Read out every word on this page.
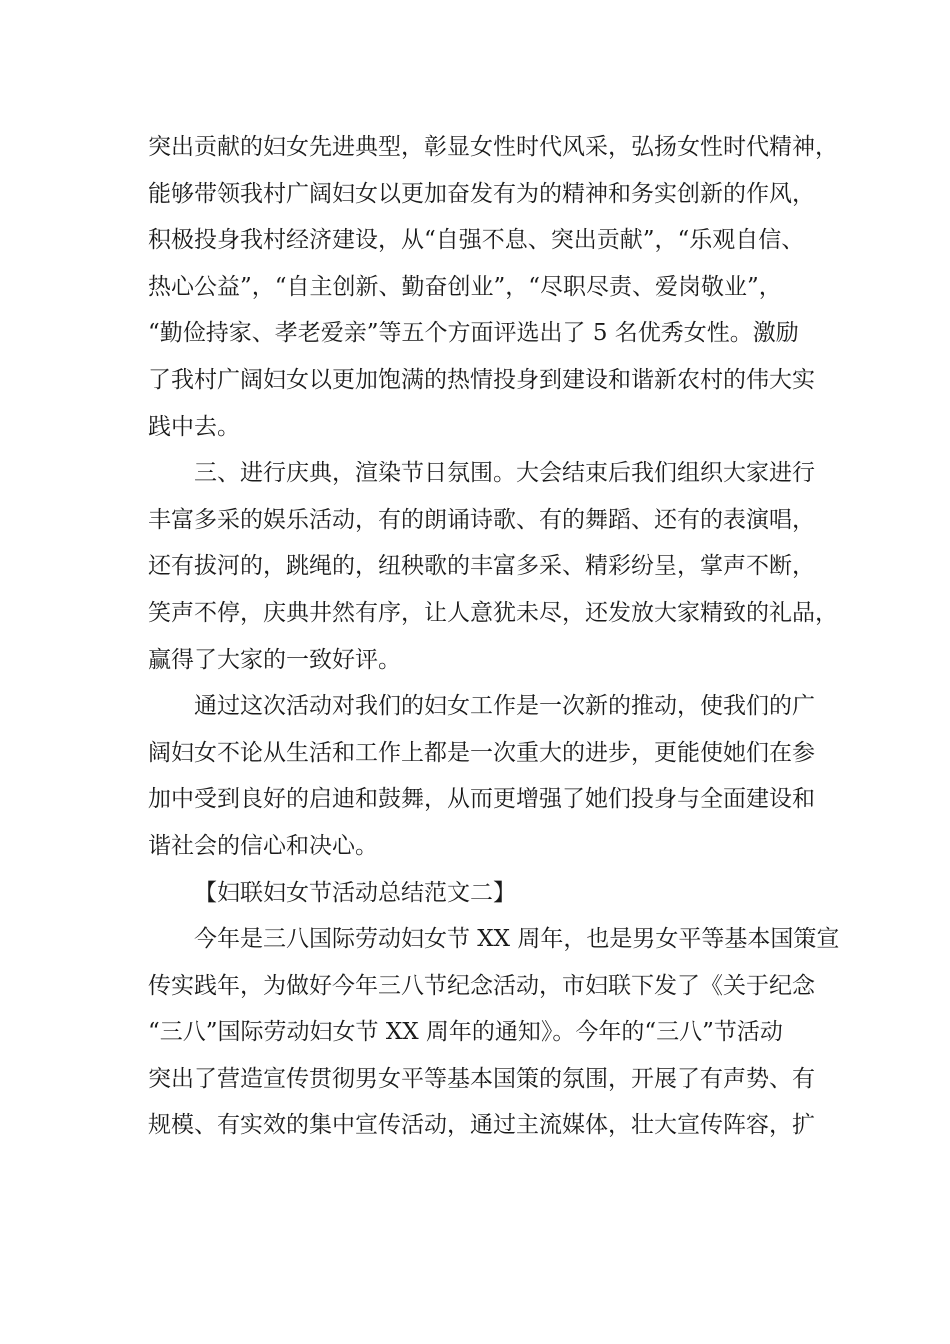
突出贡献的妇女先进典型，彰显女性时代风采，弘扬女性时代精神，
能够带领我村广阔妇女以更加奋发有为的精神和务实创新的作风，
积极投身我村经济建设，从“自强不息、突出贡献”，“乐观自信、
热心公益”，“自主创新、勤奋创业”，“尽职尽责、爱岗敬业”，
“勤俭持家、孝老爱亲”等五个方面评选出了 5 名优秀女性。激励
了我村广阔妇女以更加饱满的热情投身到建设和谐新农村的伟大实
践中去。
三、进行庆典，渲染节日氛围。大会结束后我们组织大家进行
丰富多采的娱乐活动，有的朗诵诗歌、有的舞蹈、还有的表演唱，
还有拔河的，跳绳的，纽秧歌的丰富多采、精彩纷呈，掌声不断，
笑声不停，庆典井然有序，让人意犹未尽，还发放大家精致的礼品，
赢得了大家的一致好评。
通过这次活动对我们的妇女工作是一次新的推动，使我们的广
阔妇女不论从生活和工作上都是一次重大的进步，更能使她们在参
加中受到良好的启迪和鼓舞，从而更增强了她们投身与全面建设和
谐社会的信心和决心。
【妇联妇女节活动总结范文二】
今年是三八国际劳动妇女节 XX 周年，也是男女平等基本国策宣
传实践年，为做好今年三八节纪念活动，市妇联下发了《关于纪念
“三八”国际劳动妇女节 XX 周年的通知》。今年的“三八”节活动
突出了营造宣传贯彻男女平等基本国策的氛围，开展了有声势、有
规模、有实效的集中宣传活动，通过主流媒体，壮大宣传阵容，扩
